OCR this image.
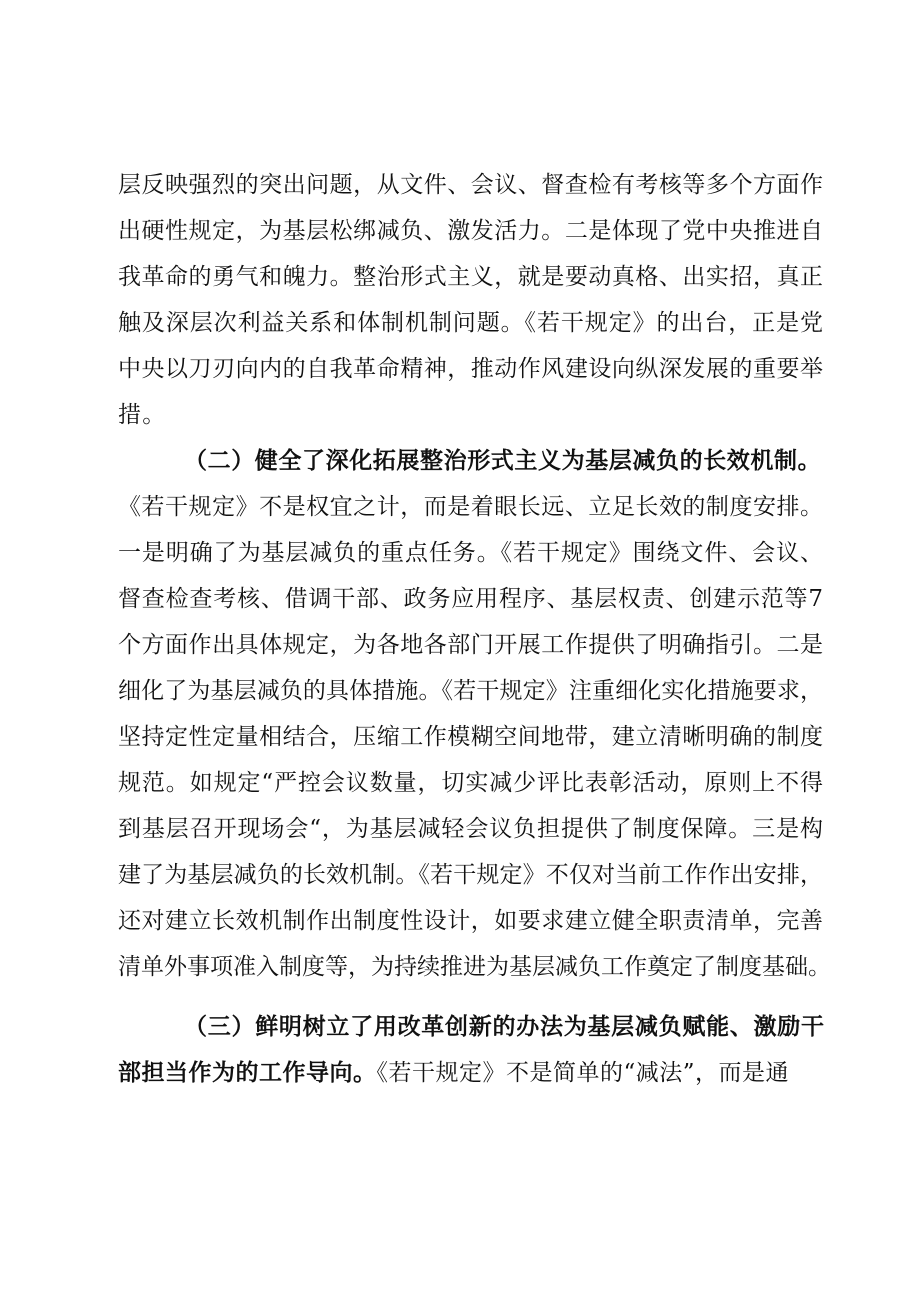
层反映强烈的突出问题，从文件、会议、督查检有考核等多个方面作
出硬性规定，为基层松绑减负、激发活力。二是体现了党中央推进自
我革命的勇气和魄力。整治形式主义，就是要动真格、出实招，真正
触及深层次利益关系和体制机制问题。《若干规定》的出台，正是党
中央以刀刃向内的自我革命精神，推动作风建设向纵深发展的重要举
措。
（二）健全了深化拓展整治形式主义为基层减负的长效机制。
《若干规定》不是权宜之计，而是着眼长远、立足长效的制度安排。
一是明确了为基层减负的重点任务。《若干规定》围绕文件、会议、
督查检查考核、借调干部、政务应用程序、基层权责、创建示范等7
个方面作出具体规定，为各地各部门开展工作提供了明确指引。二是
细化了为基层减负的具体措施。《若干规定》注重细化实化措施要求，
坚持定性定量相结合，压缩工作模糊空间地带，建立清晰明确的制度
规范。如规定“严控会议数量，切实减少评比表彰活动，原则上不得
到基层召开现场会“，为基层减轻会议负担提供了制度保障。三是构
建了为基层减负的长效机制。《若干规定》不仅对当前工作作出安排，
还对建立长效机制作出制度性设计，如要求建立健全职责清单，完善
清单外事项准入制度等，为持续推进为基层减负工作奠定了制度基础。
（三）鲜明树立了用改革创新的办法为基层减负赋能、激励干
部担当作为的工作导向。《若干规定》不是简单的“减法”，而是通
